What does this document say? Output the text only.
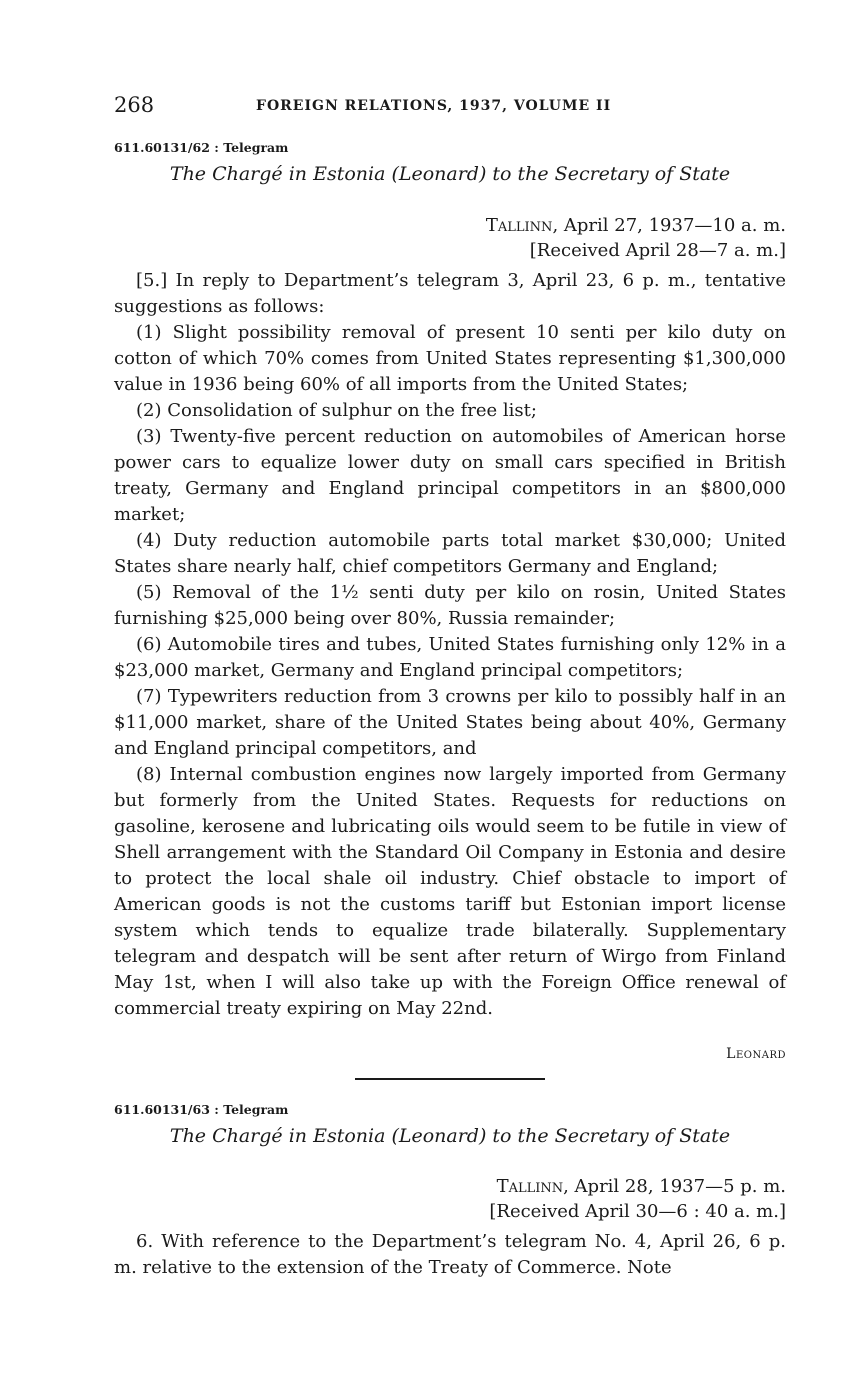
268	FOREIGN RELATIONS, 1937, VOLUME II
611.60131/62 : Telegram
The Chargé in Estonia (Leonard) to the Secretary of State
Tallinn, April 27, 1937—10 a. m.
[Received April 28—7 a. m.]

[5.] In reply to Department’s telegram 3, April 23, 6 p. m., tentative suggestions as follows:

(1) Slight possibility removal of present 10 senti per kilo duty on cotton of which 70% comes from United States representing $1,300,000 value in 1936 being 60% of all imports from the United States;

(2) Consolidation of sulphur on the free list;

(3) Twenty-five percent reduction on automobiles of American horse power cars to equalize lower duty on small cars specified in British treaty, Germany and England principal competitors in an $800,000 market;

(4) Duty reduction automobile parts total market $30,000; United States share nearly half, chief competitors Germany and England;

(5) Removal of the 1½ senti duty per kilo on rosin, United States furnishing $25,000 being over 80%, Russia remainder;

(6) Automobile tires and tubes, United States furnishing only 12% in a $23,000 market, Germany and England principal competitors;

(7) Typewriters reduction from 3 crowns per kilo to possibly half in an $11,000 market, share of the United States being about 40%, Germany and England principal competitors, and

(8) Internal combustion engines now largely imported from Germany but formerly from the United States. Requests for reductions on gasoline, kerosene and lubricating oils would seem to be futile in view of Shell arrangement with the Standard Oil Company in Estonia and desire to protect the local shale oil industry. Chief obstacle to import of American goods is not the customs tariff but Estonian import license system which tends to equalize trade bilaterally. Supplementary telegram and despatch will be sent after return of Wirgo from Finland May 1st, when I will also take up with the Foreign Office renewal of commercial treaty expiring on May 22nd.

Leonard
611.60131/63 : Telegram
The Chargé in Estonia (Leonard) to the Secretary of State
Tallinn, April 28, 1937—5 p. m.
[Received April 30—6 : 40 a. m.]

6. With reference to the Department’s telegram No. 4, April 26, 6 p. m. relative to the extension of the Treaty of Commerce. Note
